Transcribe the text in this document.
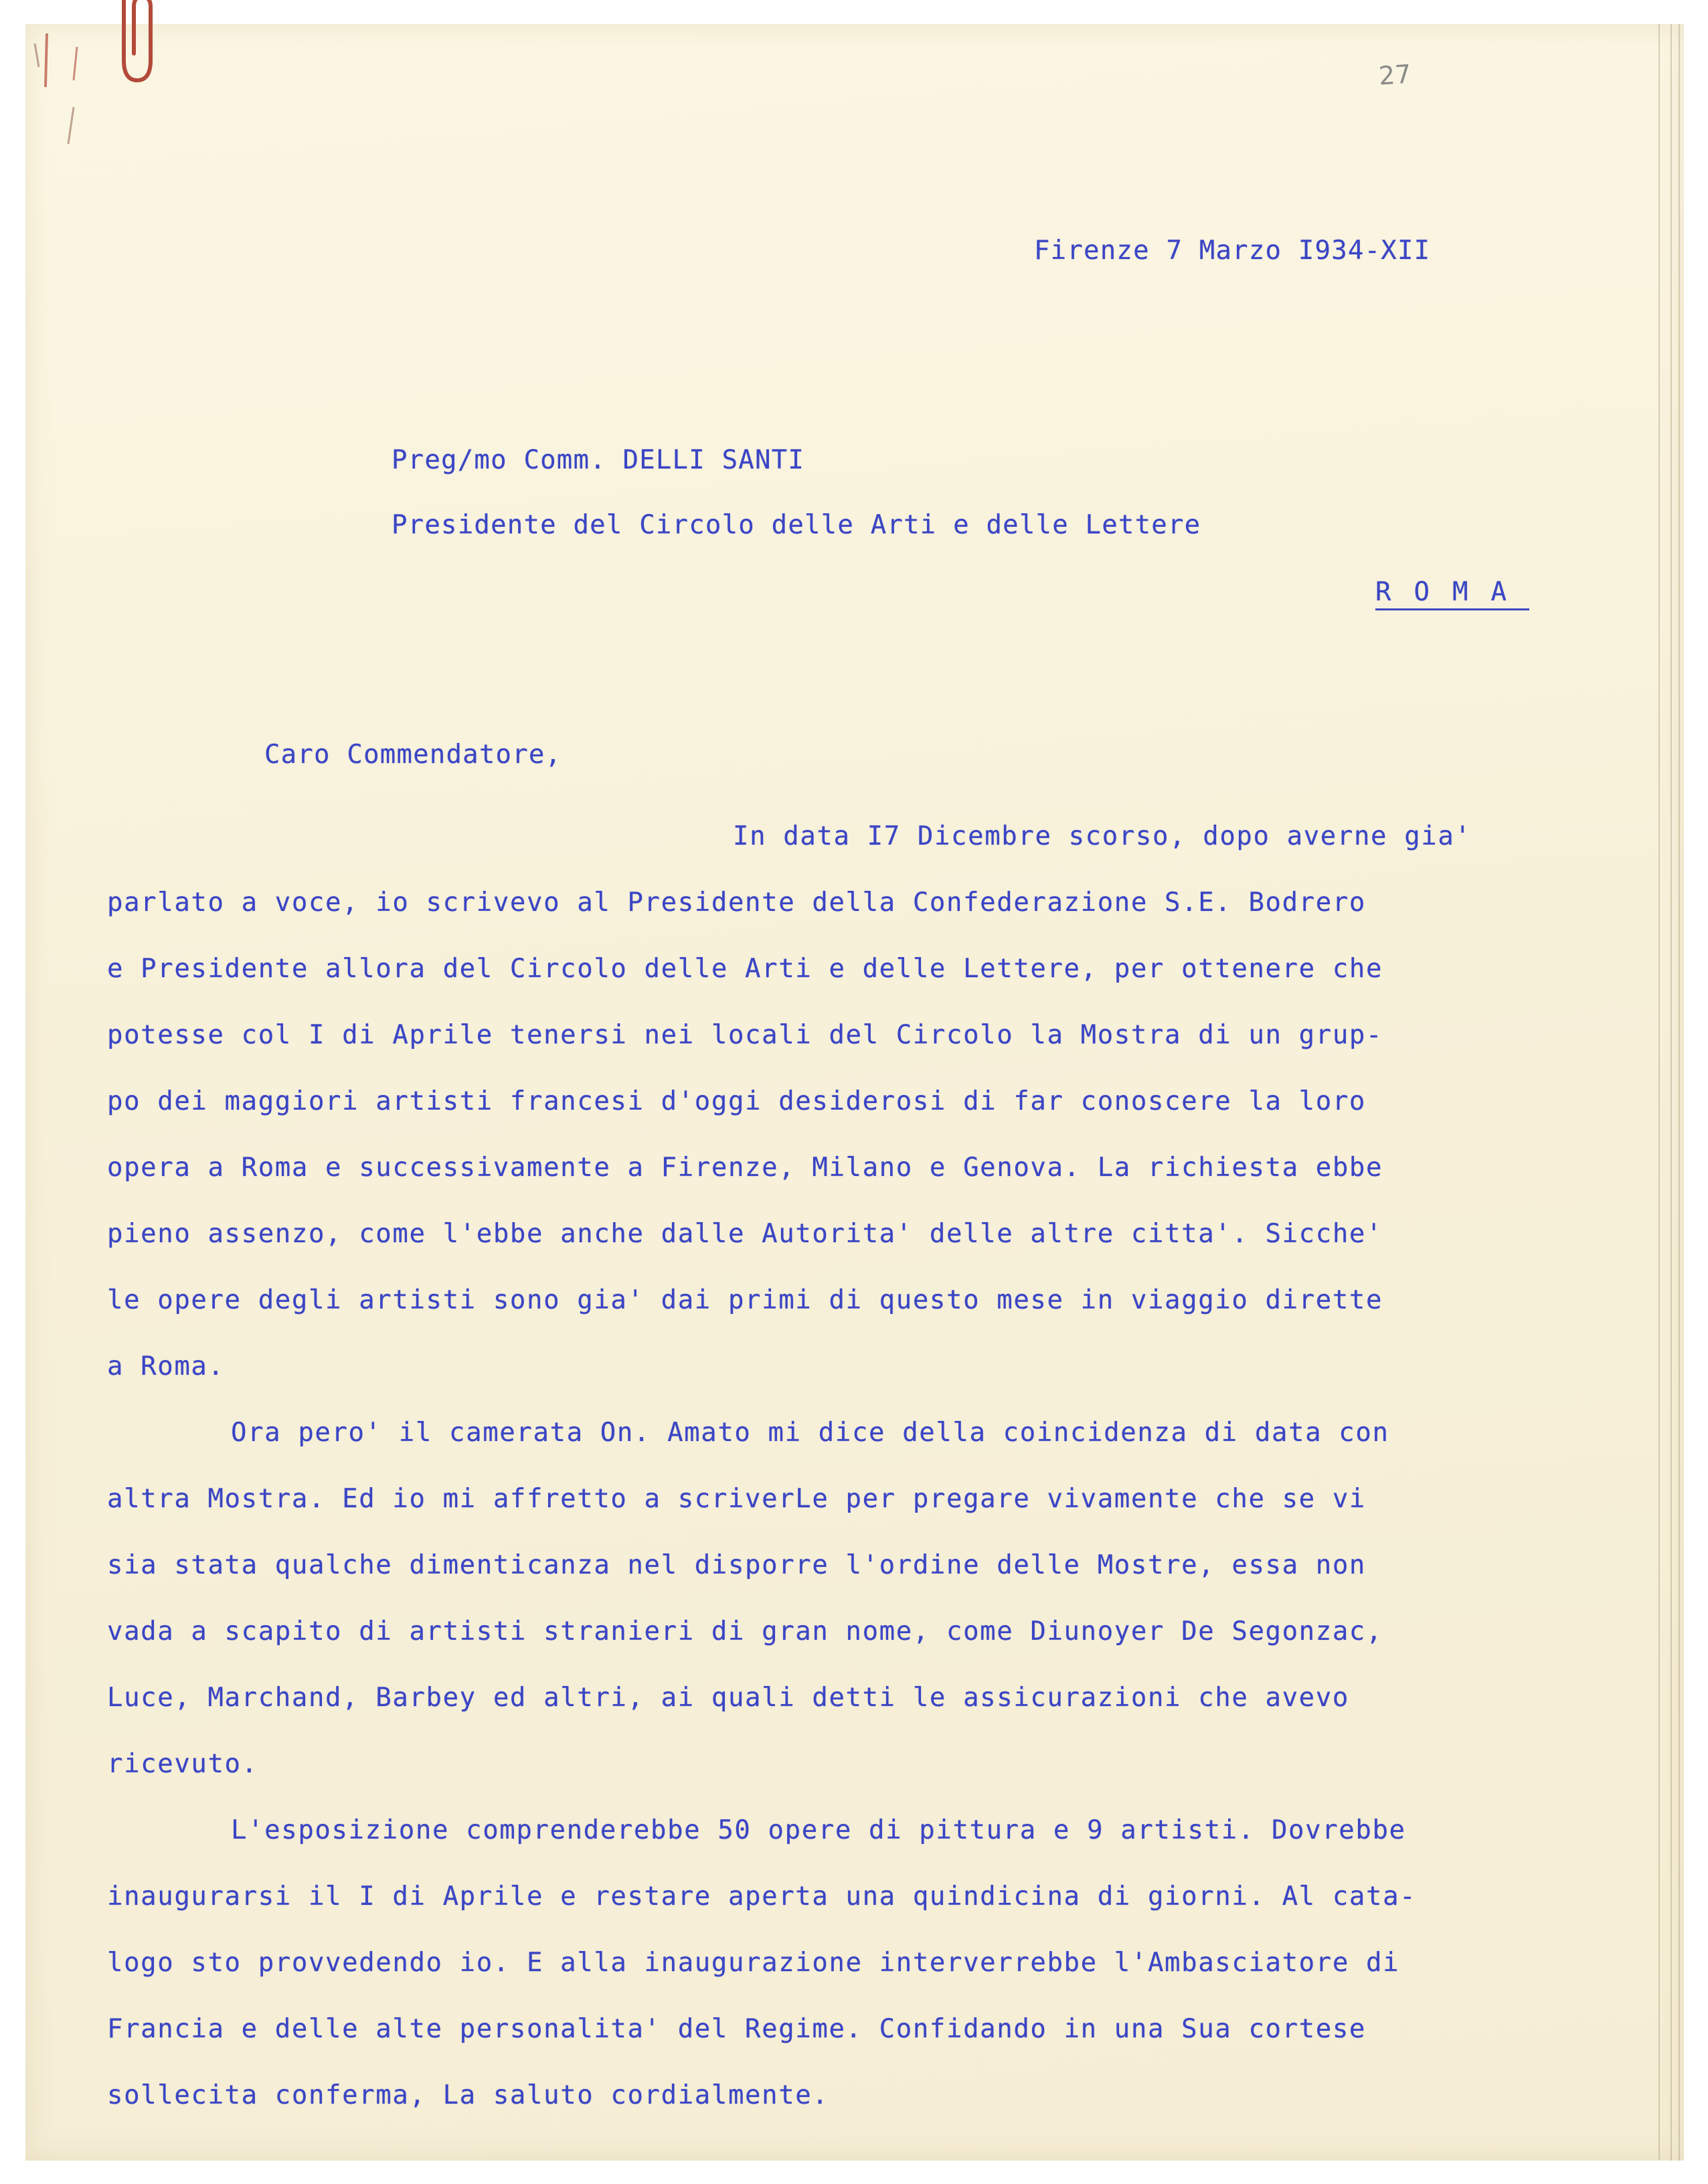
27
Firenze 7 Marzo I934-XII
Preg/mo Comm. DELLI SANTI
Presidente del Circolo delle Arti e delle Lettere
ROMA
Caro Commendatore,
In data I7 Dicembre scorso, dopo averne gia'
parlato a voce, io scrivevo al Presidente della Confederazione S.E. Bodrero
e Presidente allora del Circolo delle Arti e delle Lettere, per ottenere che
potesse col I di Aprile tenersi nei locali del Circolo la Mostra di un grup-
po dei maggiori artisti francesi d'oggi desiderosi di far conoscere la loro
opera a Roma e successivamente a Firenze, Milano e Genova. La richiesta ebbe
pieno assenzo, come l'ebbe anche dalle Autorita' delle altre citta'. Sicche'
le opere degli artisti sono gia' dai primi di questo mese in viaggio dirette
a Roma.
Ora pero' il camerata On. Amato mi dice della coincidenza di data con
altra Mostra. Ed io mi affretto a scriverLe per pregare vivamente che se vi
sia stata qualche dimenticanza nel disporre l'ordine delle Mostre, essa non
vada a scapito di artisti stranieri di gran nome, come Diunoyer De Segonzac,
Luce, Marchand, Barbey ed altri, ai quali detti le assicurazioni che avevo
ricevuto.
L'esposizione comprenderebbe 50 opere di pittura e 9 artisti. Dovrebbe
inaugurarsi il I di Aprile e restare aperta una quindicina di giorni. Al cata-
logo sto provvedendo io. E alla inaugurazione interverrebbe l'Ambasciatore di
Francia e delle alte personalita' del Regime. Confidando in una Sua cortese
sollecita conferma, La saluto cordialmente.
